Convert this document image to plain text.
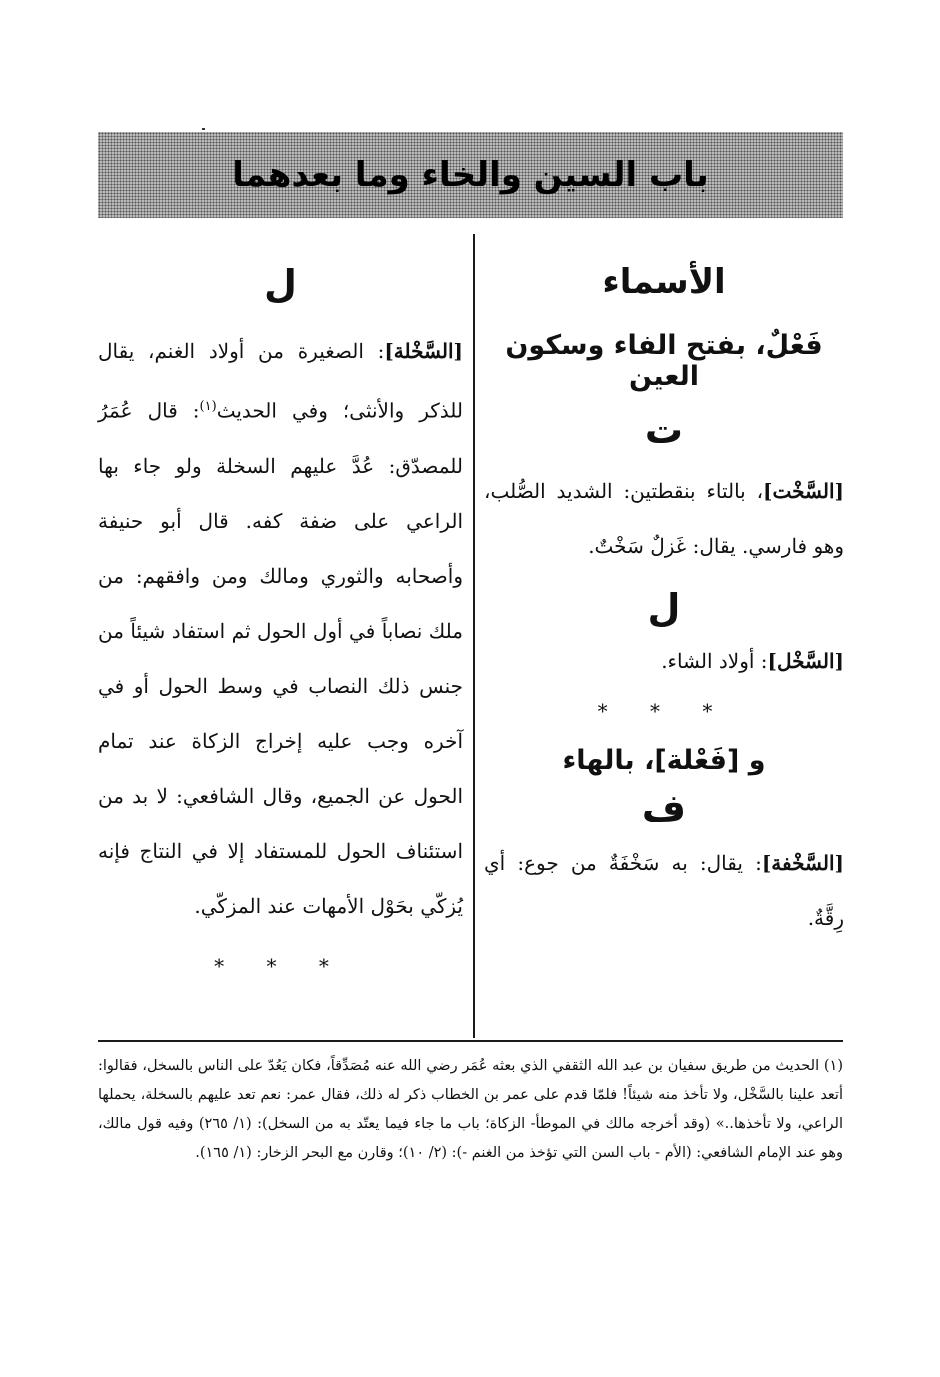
باب السين والخاء وما بعدهما

الأسماء

فَعْلٌ، بفتح الفاء وسكون العين

ت

[السَّخْت]، بالتاء بنقطتين: الشديد الصُّلب، وهو فارسي. يقال: غَزلٌ سَخْتٌ.

ل

[السَّخْل]: أولاد الشاء.

* * *

و [فَعْلة]، بالهاء

ف

[السَّخْفة]: يقال: به سَخْفَةٌ من جوع: أي رِقَّةٌ.

ل

[السَّخْلة]: الصغيرة من أولاد الغنم، يقال للذكر والأنثى؛ وفي الحديث$^{(١)}$: قال عُمَرُ للمصدّق: عُدَّ عليهم السخلة ولو جاء بها الراعي على ضفة كفه. قال أبو حنيفة وأصحابه والثوري ومالك ومن وافقهم: من ملك نصاباً في أول الحول ثم استفاد شيئاً من جنس ذلك النصاب في وسط الحول أو في آخره وجب عليه إخراج الزكاة عند تمام الحول عن الجميع، وقال الشافعي: لا بد من استئناف الحول للمستفاد إلا في النتاج فإنه يُزكّي بحَوْل الأمهات عند المزكّي.

* * *

(١) الحديث من طريق سفيان بن عبد الله الثقفي الذي بعثه عُمَر رضي الله عنه مُصَدِّقاً، فكان يَعُدّ على الناس بالسخل، فقالوا: أتعد علينا بالسَّخْل، ولا تأخذ منه شيئاً! فلمّا قدم على عمر بن الخطاب ذكر له ذلك، فقال عمر: نعم تعد عليهم بالسخلة، يحملها الراعي، ولا تأخذها..» (وقد أخرجه مالك في الموطأ- الزكاة؛ باب ما جاء فيما يعتّد به من السخل): (١/ ٢٦٥) وفيه قول مالك، وهو عند الإمام الشافعي: (الأم - باب السن التي تؤخذ من الغنم -): (٢/ ١٠)؛ وقارن مع البحر الزخار: (١/ ١٦٥).
